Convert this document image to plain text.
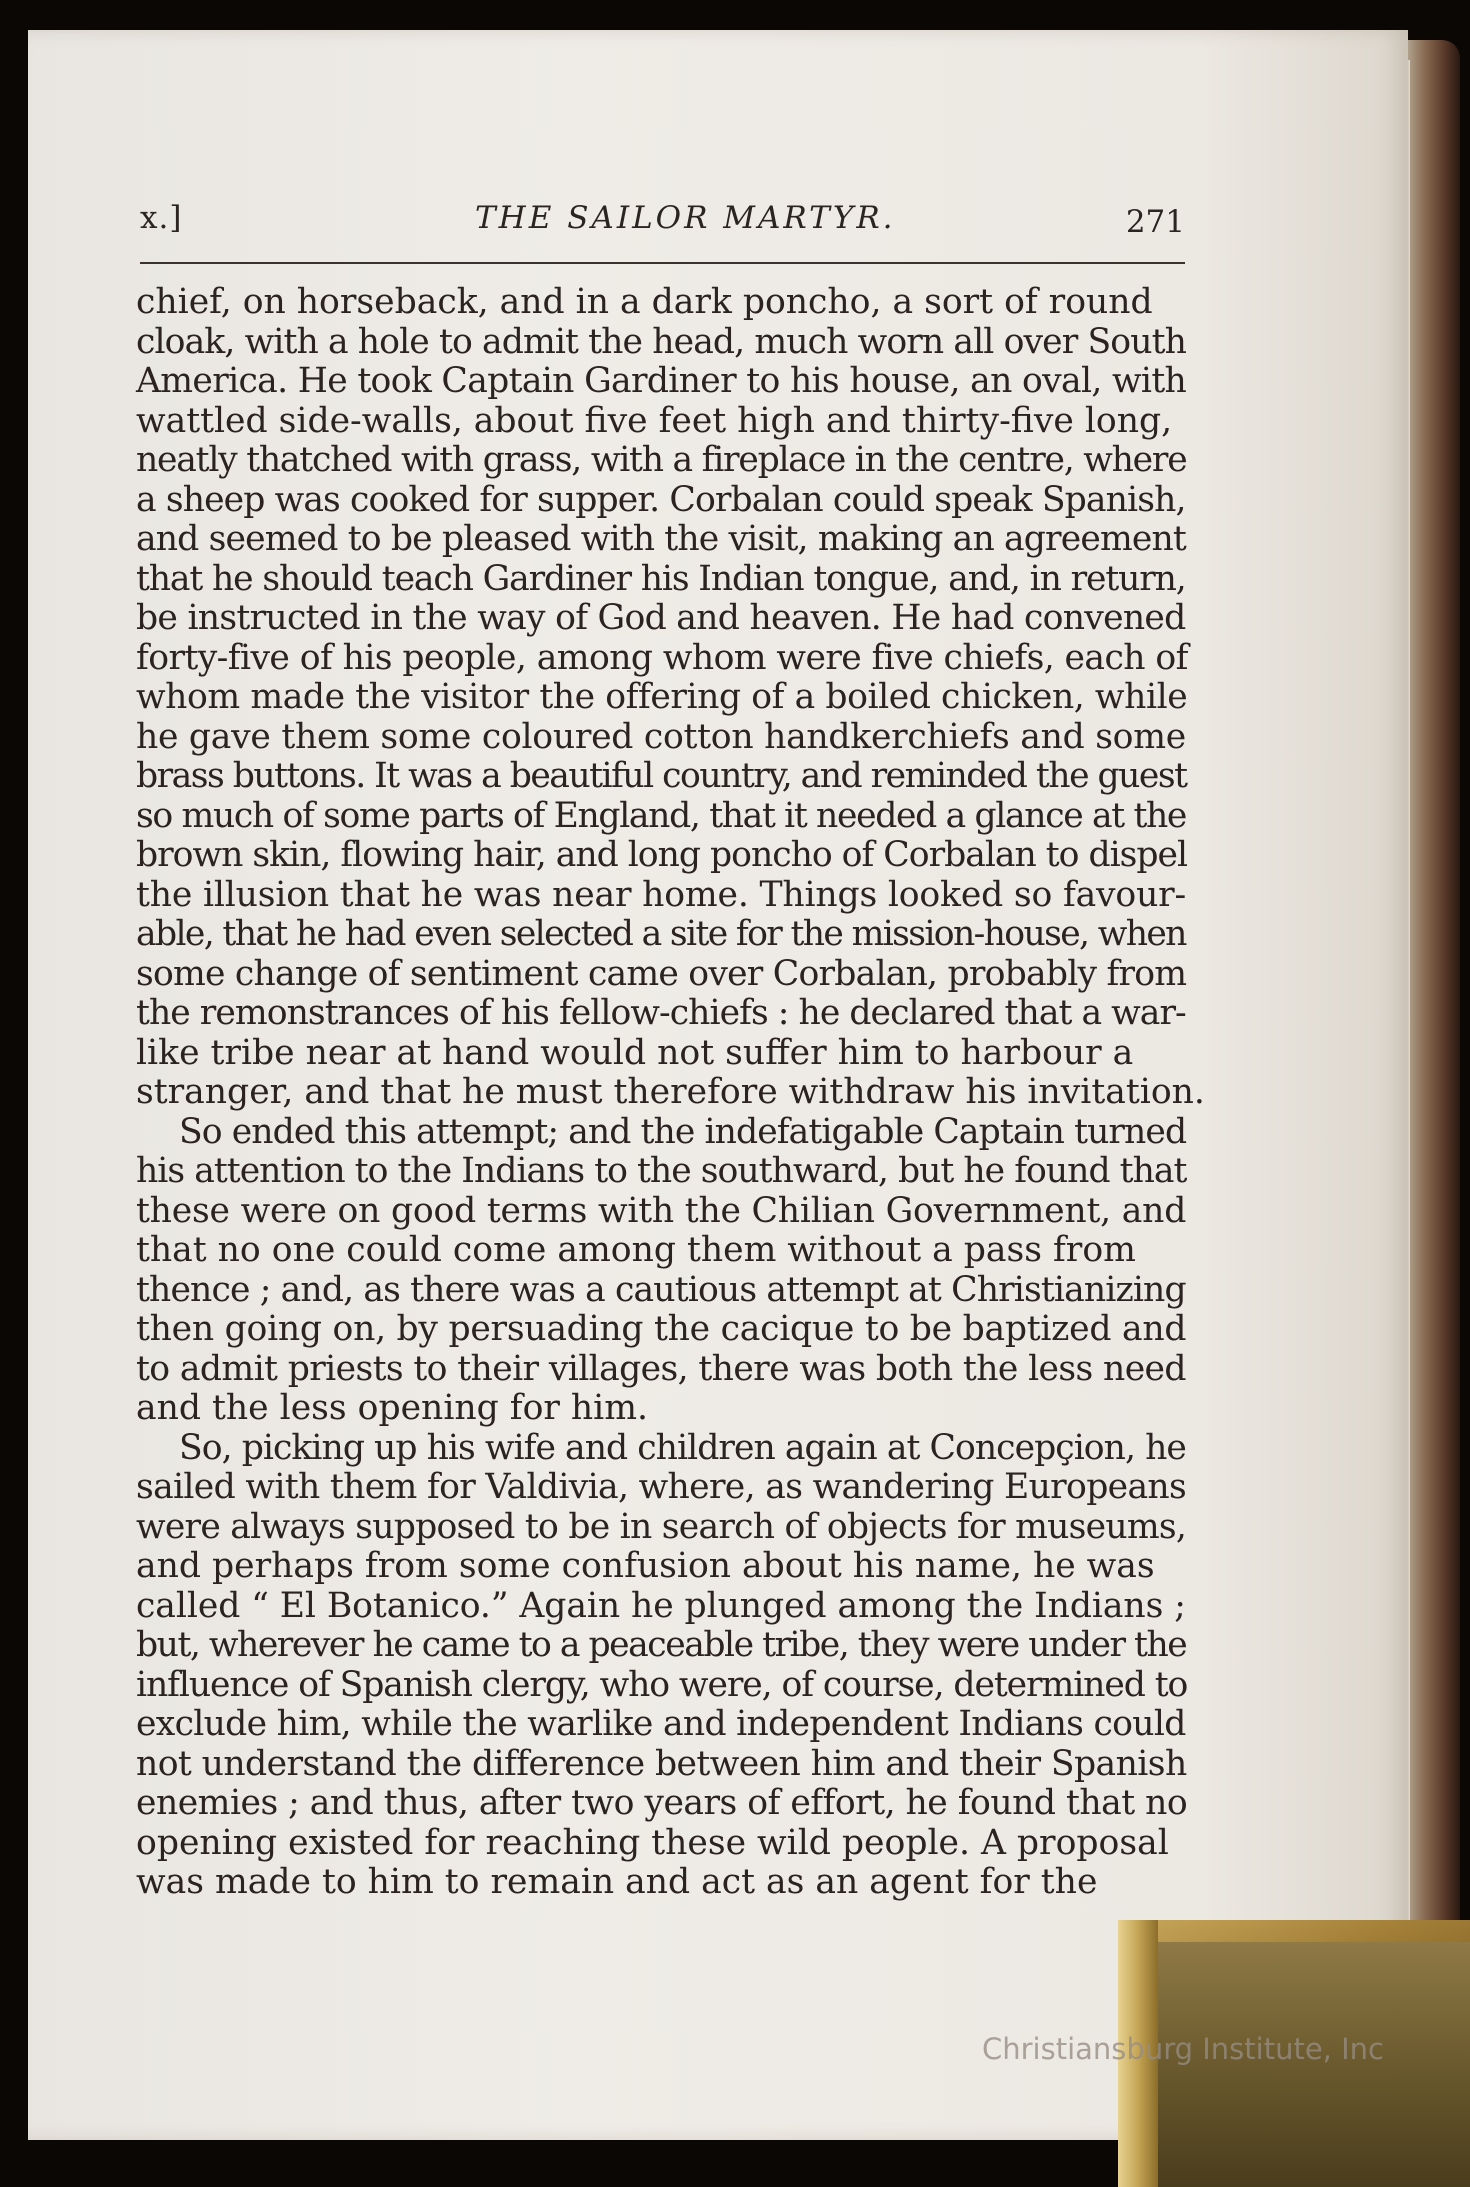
x.]	THE SAILOR MARTYR.	271
chief, on horseback, and in a dark poncho, a sort of round
cloak, with a hole to admit the head, much worn all over South
America. He took Captain Gardiner to his house, an oval, with
wattled side-walls, about five feet high and thirty-five long,
neatly thatched with grass, with a fireplace in the centre, where
a sheep was cooked for supper. Corbalan could speak Spanish,
and seemed to be pleased with the visit, making an agreement
that he should teach Gardiner his Indian tongue, and, in return,
be instructed in the way of God and heaven. He had convened
forty-five of his people, among whom were five chiefs, each of
whom made the visitor the offering of a boiled chicken, while
he gave them some coloured cotton handkerchiefs and some
brass buttons. It was a beautiful country, and reminded the guest
so much of some parts of England, that it needed a glance at the
brown skin, flowing hair, and long poncho of Corbalan to dispel
the illusion that he was near home. Things looked so favour-
able, that he had even selected a site for the mission-house, when
some change of sentiment came over Corbalan, probably from
the remonstrances of his fellow-chiefs : he declared that a war-
like tribe near at hand would not suffer him to harbour a
stranger, and that he must therefore withdraw his invitation.
So ended this attempt; and the indefatigable Captain turned
his attention to the Indians to the southward, but he found that
these were on good terms with the Chilian Government, and
that no one could come among them without a pass from
thence ; and, as there was a cautious attempt at Christianizing
then going on, by persuading the cacique to be baptized and
to admit priests to their villages, there was both the less need
and the less opening for him.
So, picking up his wife and children again at Concepçion, he
sailed with them for Valdivia, where, as wandering Europeans
were always supposed to be in search of objects for museums,
and perhaps from some confusion about his name, he was
called “ El Botanico.” Again he plunged among the Indians ;
but, wherever he came to a peaceable tribe, they were under the
influence of Spanish clergy, who were, of course, determined to
exclude him, while the warlike and independent Indians could
not understand the difference between him and their Spanish
enemies ; and thus, after two years of effort, he found that no
opening existed for reaching these wild people. A proposal
was made to him to remain and act as an agent for the
Christiansburg Institute, Inc
